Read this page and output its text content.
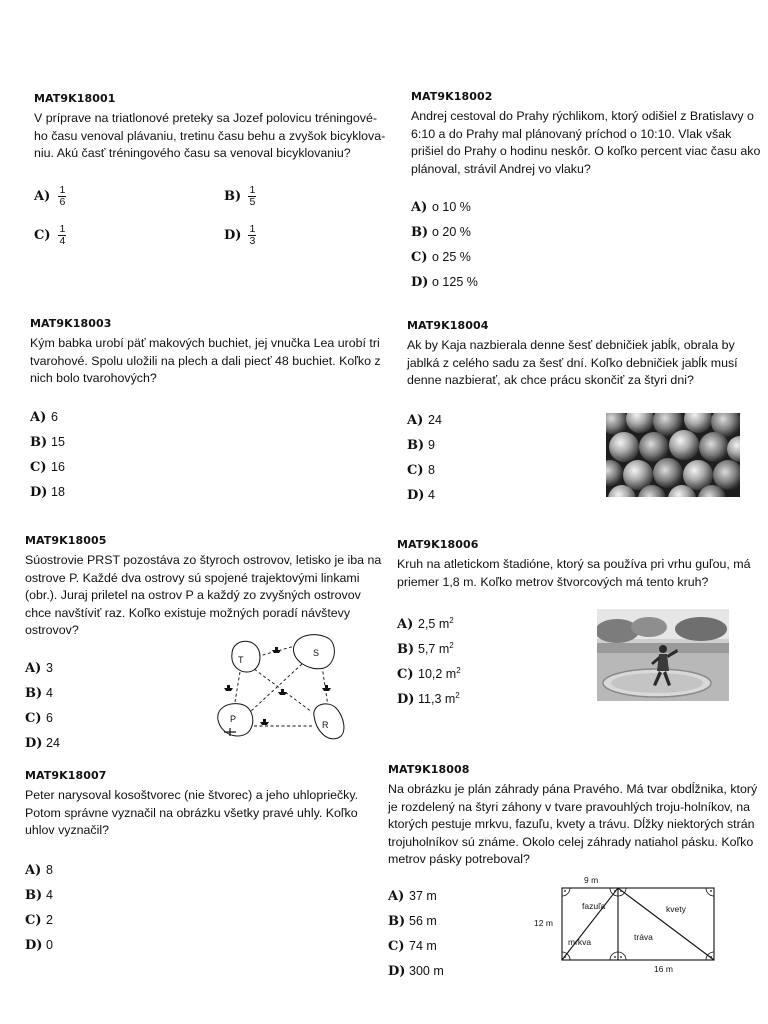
MAT9K18001
V príprave na triatlonové preteky sa Jozef polovicu tréningové-ho času venoval plávaniu, tretinu času behu a zvyšok bicyklova-niu. Akú časť tréningového času sa venoval bicyklovaniu?
$A) \frac{1}{6}$	$B) \frac{1}{5}$
$C) \frac{1}{4}$	$D) \frac{1}{3}$
MAT9K18002
Andrej cestoval do Prahy rýchlikom, ktorý odišiel z Bratislavy o 6:10 a do Prahy mal plánovaný príchod o 10:10. Vlak však prišiel do Prahy o hodinu neskôr. O koľko percent viac času ako plánoval, strávil Andrej vo vlaku?
A) o 10 %
B) o 20 %
C) o 25 %
D) o 125 %
MAT9K18003
Kým babka urobí päť makových buchiet, jej vnučka Lea urobí tri tvarohové. Spolu uložili na plech a dali piecť 48 buchiet. Koľko z nich bolo tvarohových?
A) 6
B) 15
C) 16
D) 18
MAT9K18004
Ak by Kaja nazbierala denne šesť debničiek jabĺk, obrala by jablká z celého sadu za šesť dní. Koľko debničiek jabĺk musí denne nazbierať, ak chce prácu skončiť za štyri dni?
A) 24
B) 9
C) 8
D) 4
MAT9K18005
Súostrovie PRST pozostáva zo štyroch ostrovov, letisko je iba na ostrove P. Každé dva ostrovy sú spojené trajektovými linkami (obr.). Juraj priletel na ostrov P a každý zo zvyšných ostrovov chce navštíviť raz. Koľko existuje možných poradí návštevy ostrovov?
A) 3
B) 4
C) 6
D) 24
T
S
P
R
MAT9K18006
Kruh na atletickom štadióne, ktorý sa používa pri vrhu guľou, má priemer 1,8 m. Koľko metrov štvorcových má tento kruh?
A) 2,5 $m^2$
B) 5,7 $m^2$
C) 10,2 $m^2$
D) 11,3 $m^2$
MAT9K18007
Peter narysoval kosoštvorec (nie štvorec) a jeho uhlopriečky. Potom správne vyznačil na obrázku všetky pravé uhly. Koľko uhlov vyznačil?
A) 8
B) 4
C) 2
D) 0
MAT9K18008
Na obrázku je plán záhrady pána Pravého. Má tvar obdĺžnika, ktorý je rozdelený na štyri záhony v tvare pravouhlých troju-holníkov, na ktorých pestuje mrkvu, fazuľu, kvety a trávu. Dĺžky niektorých strán trojuholníkov sú známe. Okolo celej záhrady natiahol pásku. Koľko metrov pásky potreboval?
A) 37 m
B) 56 m
C) 74 m
D) 300 m
9 m
12 m
16 m
fazuľa	kvety
mrkva	tráva
